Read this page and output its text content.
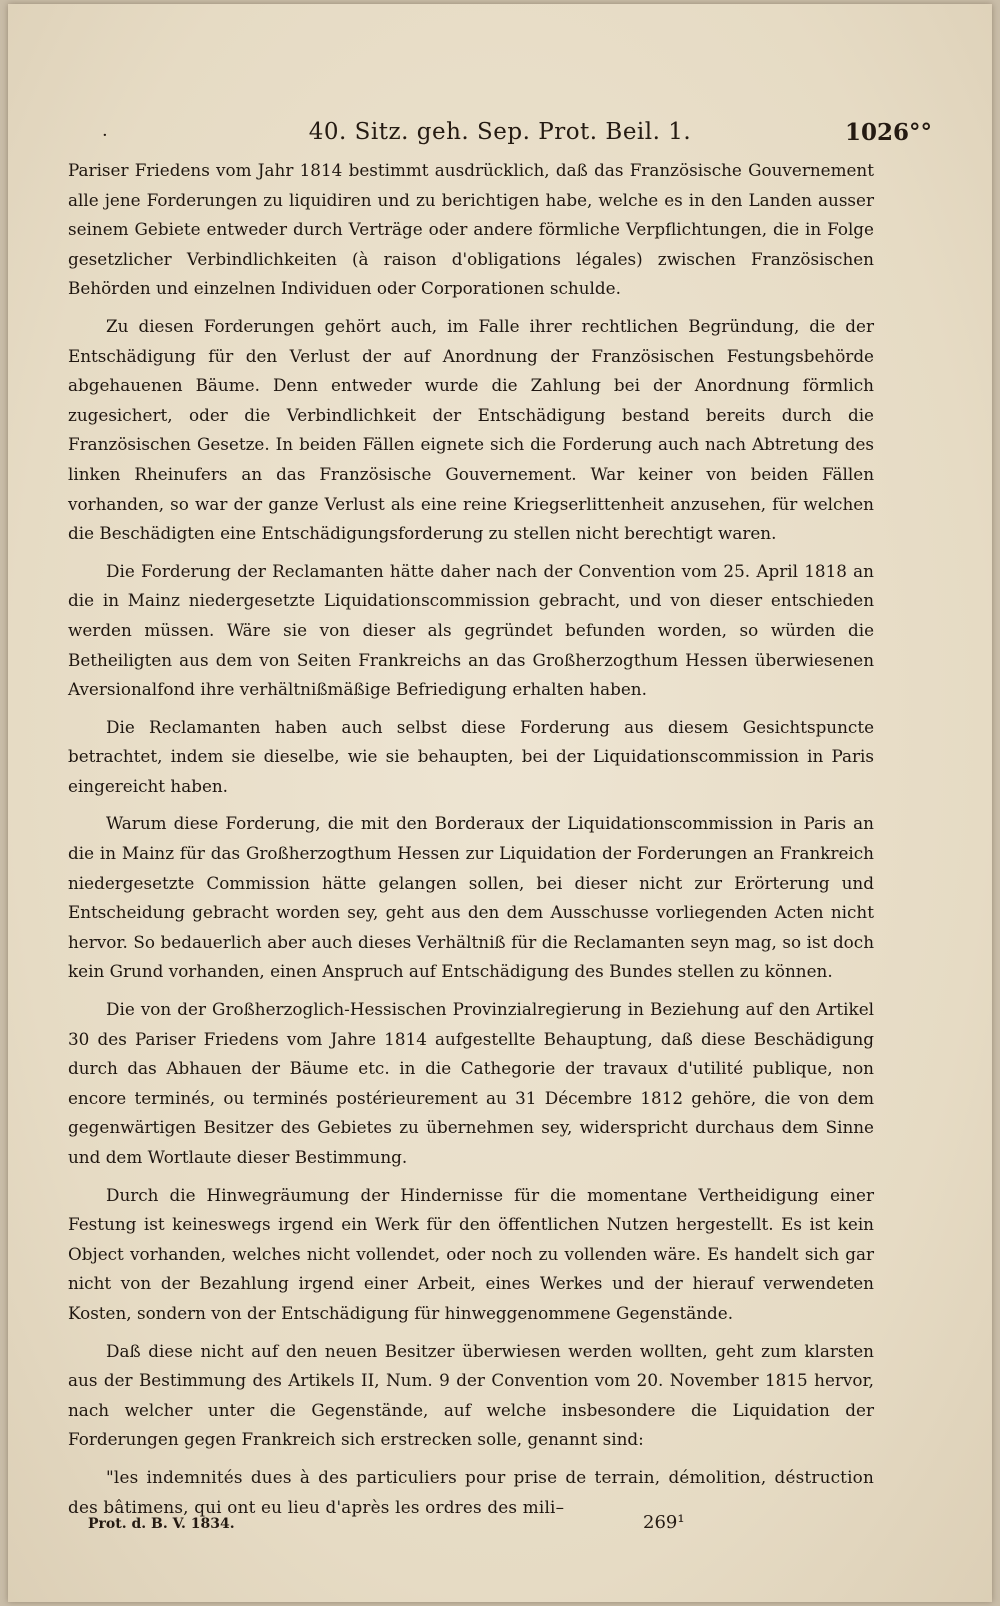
·	40. Sitz. geh. Sep. Prot. Beil. 1.	1026°°

Pariser Friedens vom Jahr 1814 bestimmt ausdrücklich, daß das Französische Gouvernement alle jene Forderungen zu liquidiren und zu berichtigen habe, welche es in den Landen ausser seinem Gebiete entweder durch Verträge oder andere förmliche Verpflichtungen, die in Folge gesetzlicher Verbindlichkeiten (à raison d'obligations légales) zwischen Französischen Behörden und einzelnen Individuen oder Corporationen schulde.

Zu diesen Forderungen gehört auch, im Falle ihrer rechtlichen Begründung, die der Entschädigung für den Verlust der auf Anordnung der Französischen Festungsbehörde abgehauenen Bäume. Denn entweder wurde die Zahlung bei der Anordnung förmlich zugesichert, oder die Verbindlichkeit der Entschädigung bestand bereits durch die Französischen Gesetze. In beiden Fällen eignete sich die Forderung auch nach Abtretung des linken Rheinufers an das Französische Gouvernement. War keiner von beiden Fällen vorhanden, so war der ganze Verlust als eine reine Kriegserlittenheit anzusehen, für welchen die Beschädigten eine Entschädigungsforderung zu stellen nicht berechtigt waren.

Die Forderung der Reclamanten hätte daher nach der Convention vom 25. April 1818 an die in Mainz niedergesetzte Liquidationscommission gebracht, und von dieser entschieden werden müssen. Wäre sie von dieser als gegründet befunden worden, so würden die Betheiligten aus dem von Seiten Frankreichs an das Großherzogthum Hessen überwiesenen Aversionalfond ihre verhältnißmäßige Befriedigung erhalten haben.

Die Reclamanten haben auch selbst diese Forderung aus diesem Gesichtspuncte betrachtet, indem sie dieselbe, wie sie behaupten, bei der Liquidationscommission in Paris eingereicht haben.

Warum diese Forderung, die mit den Borderaux der Liquidationscommission in Paris an die in Mainz für das Großherzogthum Hessen zur Liquidation der Forderungen an Frankreich niedergesetzte Commission hätte gelangen sollen, bei dieser nicht zur Erörterung und Entscheidung gebracht worden sey, geht aus den dem Ausschusse vorliegenden Acten nicht hervor. So bedauerlich aber auch dieses Verhältniß für die Reclamanten seyn mag, so ist doch kein Grund vorhanden, einen Anspruch auf Entschädigung des Bundes stellen zu können.

Die von der Großherzoglich-Hessischen Provinzialregierung in Beziehung auf den Artikel 30 des Pariser Friedens vom Jahre 1814 aufgestellte Behauptung, daß diese Beschädigung durch das Abhauen der Bäume etc. in die Cathegorie der travaux d'utilité publique, non encore terminés, ou terminés postérieurement au 31 Décembre 1812 gehöre, die von dem gegenwärtigen Besitzer des Gebietes zu übernehmen sey, widerspricht durchaus dem Sinne und dem Wortlaute dieser Bestimmung.

Durch die Hinwegräumung der Hindernisse für die momentane Vertheidigung einer Festung ist keineswegs irgend ein Werk für den öffentlichen Nutzen hergestellt. Es ist kein Object vorhanden, welches nicht vollendet, oder noch zu vollenden wäre. Es handelt sich gar nicht von der Bezahlung irgend einer Arbeit, eines Werkes und der hierauf verwendeten Kosten, sondern von der Entschädigung für hinweggenommene Gegenstände.

Daß diese nicht auf den neuen Besitzer überwiesen werden wollten, geht zum klarsten aus der Bestimmung des Artikels II, Num. 9 der Convention vom 20. November 1815 hervor, nach welcher unter die Gegenstände, auf welche insbesondere die Liquidation der Forderungen gegen Frankreich sich erstrecken solle, genannt sind:

"les indemnités dues à des particuliers pour prise de terrain, démolition, déstruction des bâtimens, qui ont eu lieu d'après les ordres des mili–

Prot. d. B. V. 1834.	269¹
